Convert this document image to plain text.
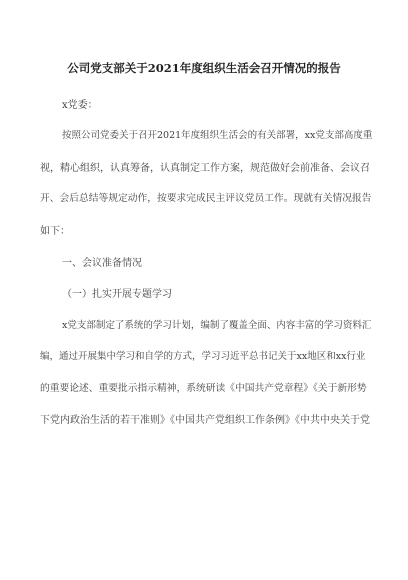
公司党支部关于2021年度组织生活会召开情况的报告
x党委：
按照公司党委关于召开2021年度组织生活会的有关部署，xx党支部高度重
视，精心组织，认真筹备，认真制定工作方案，规范做好会前准备、会议召
开、会后总结等规定动作，按要求完成民主评议党员工作。现就有关情况报告
如下：
一、会议准备情况
（一）扎实开展专题学习
x党支部制定了系统的学习计划，编制了覆盖全面、内容丰富的学习资料汇
编，通过开展集中学习和自学的方式，学习习近平总书记关于xx地区和xx行业
的重要论述、重要批示指示精神，系统研读《中国共产党章程》《关于新形势
下党内政治生活的若干准则》《中国共产党组织工作条例》《中共中央关于党
